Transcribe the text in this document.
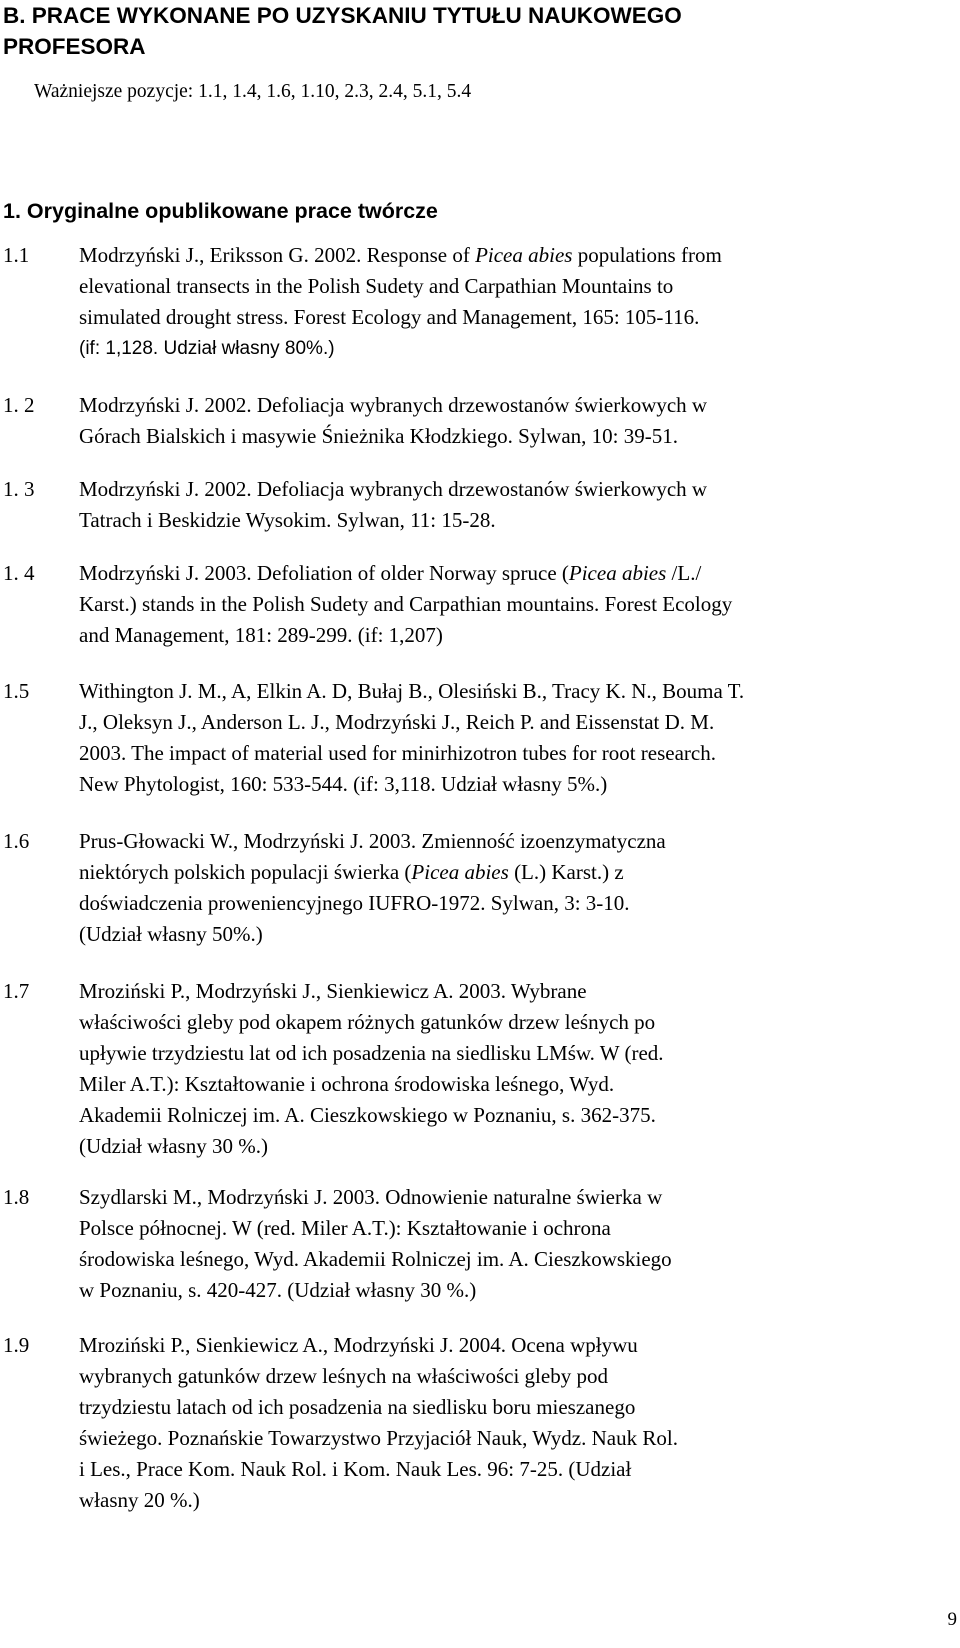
B. PRACE WYKONANE PO UZYSKANIU TYTUŁU NAUKOWEGO
PROFESORA
Ważniejsze pozycje: 1.1, 1.4, 1.6, 1.10, 2.3, 2.4, 5.1, 5.4
1. Oryginalne opublikowane prace twórcze
1.1 Modrzyński J., Eriksson G. 2002. Response of Picea abies populations from
elevational transects in the Polish Sudety and Carpathian Mountains to
simulated drought stress. Forest Ecology and Management, 165: 105-116.
(if: 1,128. Udział własny 80%.)
1. 2 Modrzyński J. 2002. Defoliacja wybranych drzewostanów świerkowych w
Górach Bialskich i masywie Śnieżnika Kłodzkiego. Sylwan, 10: 39-51.
1. 3 Modrzyński J. 2002. Defoliacja wybranych drzewostanów świerkowych w
Tatrach i Beskidzie Wysokim. Sylwan, 11: 15-28.
1. 4 Modrzyński J. 2003. Defoliation of older Norway spruce (Picea abies /L./
Karst.) stands in the Polish Sudety and Carpathian mountains. Forest Ecology
and Management, 181: 289-299. (if: 1,207)
1.5 Withington J. M., A, Elkin A. D, Bułaj B., Olesiński B., Tracy K. N., Bouma T.
J., Oleksyn J., Anderson L. J., Modrzyński J., Reich P. and Eissenstat D. M.
2003. The impact of material used for minirhizotron tubes for root research.
New Phytologist, 160: 533-544. (if: 3,118. Udział własny 5%.)
1.6 Prus-Głowacki W., Modrzyński J. 2003. Zmienność izoenzymatyczna
niektórych polskich populacji świerka (Picea abies (L.) Karst.) z
doświadczenia proweniencyjnego IUFRO-1972. Sylwan, 3: 3-10.
(Udział własny 50%.)
1.7 Mroziński P., Modrzyński J., Sienkiewicz A. 2003. Wybrane
właściwości gleby pod okapem różnych gatunków drzew leśnych po
upływie trzydziestu lat od ich posadzenia na siedlisku LMśw. W (red.
Miler A.T.): Kształtowanie i ochrona środowiska leśnego, Wyd.
Akademii Rolniczej im. A. Cieszkowskiego w Poznaniu, s. 362-375.
(Udział własny 30 %.)
1.8 Szydlarski M., Modrzyński J. 2003. Odnowienie naturalne świerka w
Polsce północnej. W (red. Miler A.T.): Kształtowanie i ochrona
środowiska leśnego, Wyd. Akademii Rolniczej im. A. Cieszkowskiego
w Poznaniu, s. 420-427. (Udział własny 30 %.)
1.9 Mroziński P., Sienkiewicz A., Modrzyński J. 2004. Ocena wpływu
wybranych gatunków drzew leśnych na właściwości gleby pod
trzydziestu latach od ich posadzenia na siedlisku boru mieszanego
świeżego. Poznańskie Towarzystwo Przyjaciół Nauk, Wydz. Nauk Rol.
i Les., Prace Kom. Nauk Rol. i Kom. Nauk Les. 96: 7-25. (Udział
własny 20 %.)
9
